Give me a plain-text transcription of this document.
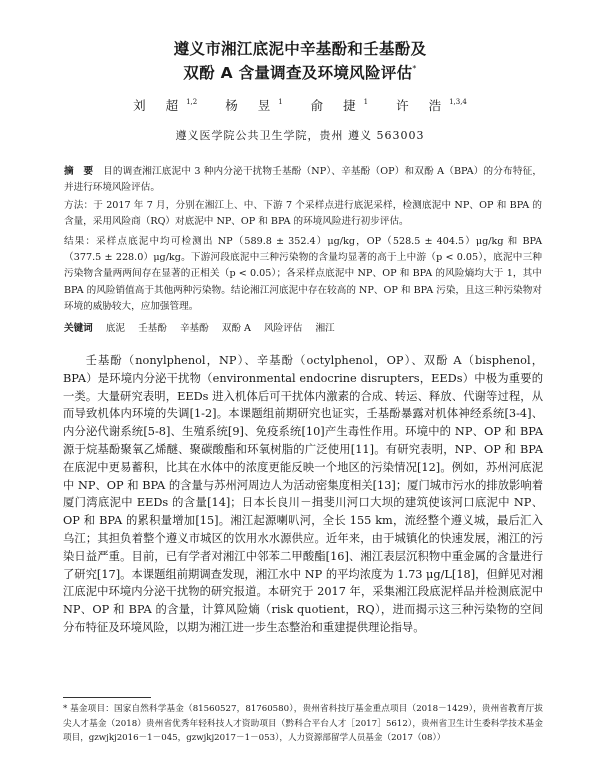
遵义市湘江底泥中辛基酚和壬基酚及
双酚 A 含量调查及环境风险评估*
刘 超$^{1,2}$ 杨 昱$^1$ 俞 捷$^1$ 许 浩$^{1,3,4}$
遵义医学院公共卫生学院，贵州 遵义 563003
摘　要　 目的调查湘江底泥中 3 种内分泌干扰物壬基酚（NP）、辛基酚（OP）和双酚 A（BPA）的分布特征，并进行环境风险评估。
方法：于 2017 年 7 月，分别在湘江上、中、下游 7 个采样点进行底泥采样，检测底泥中 NP、OP 和 BPA 的含量，采用风险商（RQ）对底泥中 NP、OP 和 BPA 的环境风险进行初步评估。
结果：采样点底泥中均可检测出 NP（589.8 ± 352.4）μg/kg，OP（528.5 ± 404.5）μg/kg 和 BPA（377.5 ± 228.0）μg/kg。下游河段底泥中三种污染物的含量均显著的高于上中游（p < 0.05），底泥中三种污染物含量两两间存在显著的正相关（p < 0.05）；各采样点底泥中 NP、OP 和 BPA 的风险熵均大于 1，其中 BPA 的风险销值高于其他两种污染物。结论湘江河底泥中存在较高的 NP、OP 和 BPA 污染，且这三种污染物对环境的威胁较大，应加强管理。
关键词 底泥 壬基酚 辛基酚 双酚 A 风险评估 湘江

壬基酚（nonylphenol，NP）、辛基酚（octylphenol，OP）、双酚 A（bisphenol，BPA）是环境内分泌干扰物（environmental endocrine disrupters，EEDs）中极为重要的一类。大量研究表明，EEDs 进入机体后可干扰体内激素的合成、转运、释放、代谢等过程，从而导致机体内环境的失调[1-2]。本课题组前期研究也证实，壬基酚暴露对机体神经系统[3-4]、内分泌代谢系统[5-8]、生殖系统[9]、免疫系统[10]产生毒性作用。环境中的 NP、OP 和 BPA 源于烷基酚聚氧乙烯醚、聚碳酸酯和环氧树脂的广泛使用[11]。有研究表明，NP、OP 和 BPA 在底泥中更易蓄积，比其在水体中的浓度更能反映一个地区的污染情况[12]。例如，苏州河底泥中 NP、OP 和 BPA 的含量与苏州河周边人为活动密集度相关[13]；厦门城市污水的排放影响着厦门湾底泥中 EEDs 的含量[14]；日本长良川－揖斐川河口大坝的建筑使该河口底泥中 NP、OP 和 BPA 的累积量增加[15]。湘江起源喇叭河，全长 155 km，流经整个遵义城，最后汇入乌江；其担负着整个遵义市城区的饮用水水源供应。近年来，由于城镇化的快速发展，湘江的污染日益严重。目前，已有学者对湘江中邻苯二甲酸酯[16]、湘江表层沉积物中重金属的含量进行了研究[17]。本课题组前期调查发现，湘江水中 NP 的平均浓度为 1.73 μg/L[18]，但鲜见对湘江底泥中环境内分泌干扰物的研究报道。本研究于 2017 年，采集湘江段底泥样品并检测底泥中 NP、OP 和 BPA 的含量，计算风险熵（risk quotient，RQ），进而揭示这三种污染物的空间分布特征及环境风险，以期为湘江进一步生态整治和重建提供理论指导。

* 基金项目：国家自然科学基金（81560527，81760580），贵州省科技厅基金重点项目（2018－1429），贵州省教育厅拔尖人才基金（2018）贵州省优秀年轻科技人才资助项目（黔科合平台人才［2017］5612），贵州省卫生计生委科学技术基金项目，gzwjkj2016－1－045，gzwjkj2017－1－053），人力资源部留学人员基金（2017（08））
